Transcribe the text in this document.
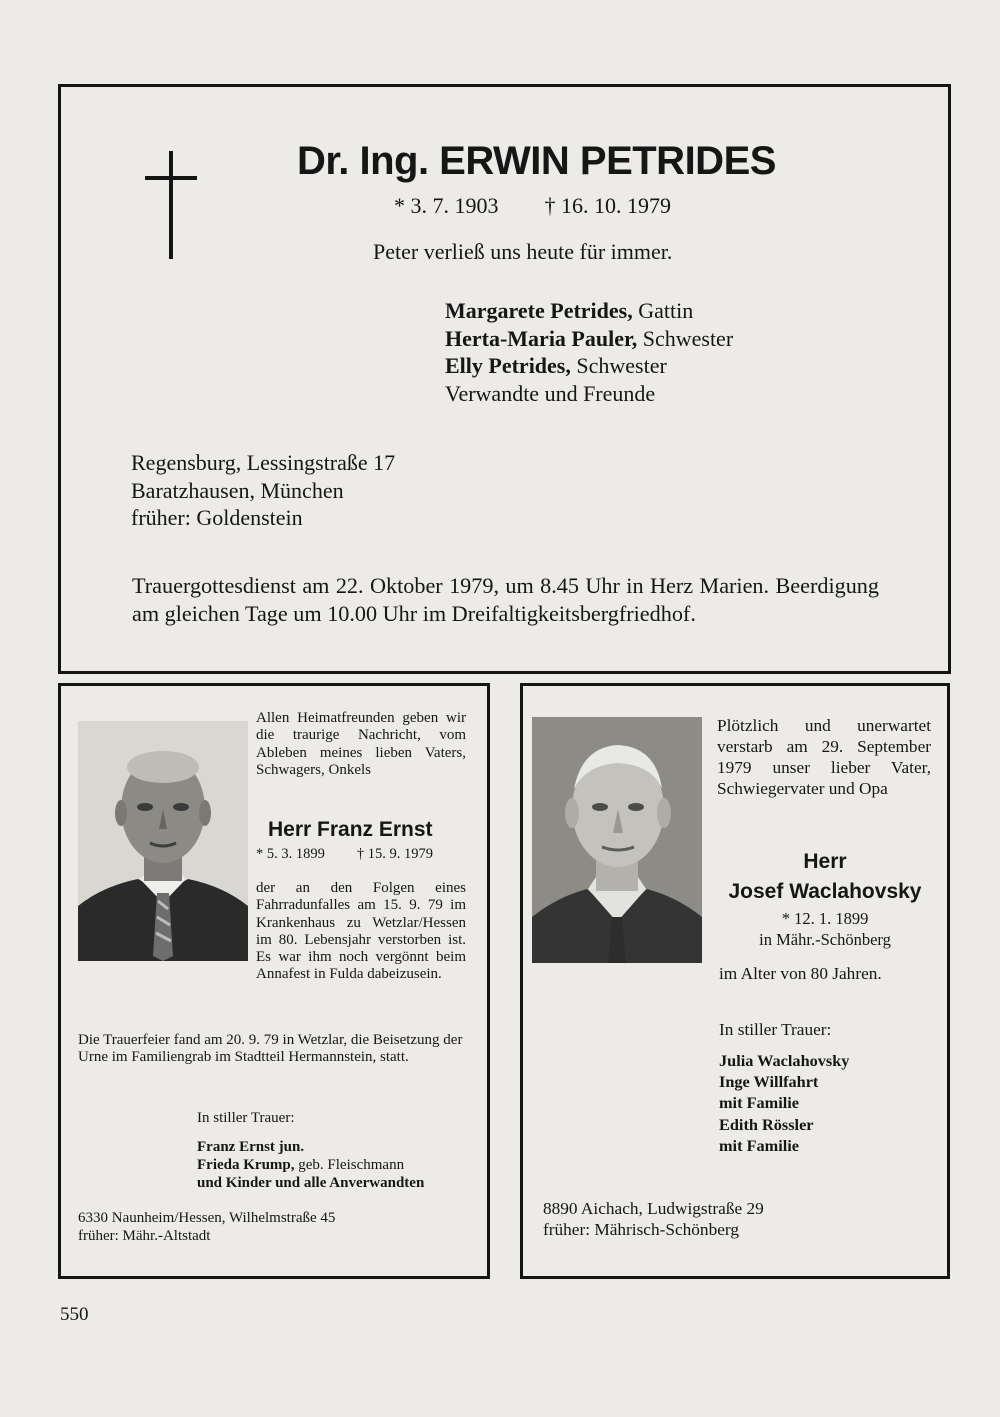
Dr. Ing. ERWIN PETRIDES
* 3. 7. 1903 † 16. 10. 1979
Peter verließ uns heute für immer.
Margarete Petrides, Gattin
Herta-Maria Pauler, Schwester
Elly Petrides, Schwester
Verwandte und Freunde
Regensburg, Lessingstraße 17
Baratzhausen, München
früher: Goldenstein
Trauergottesdienst am 22. Oktober 1979, um 8.45 Uhr in Herz Marien. Beerdigung am gleichen Tage um 10.00 Uhr im Dreifaltigkeitsbergfriedhof.
Allen Heimatfreunden geben wir die traurige Nachricht, vom Ableben meines lieben Vaters, Schwagers, Onkels
Herr Franz Ernst
* 5. 3. 1899 † 15. 9. 1979
der an den Folgen eines Fahrradunfalles am 15. 9. 79 im Krankenhaus zu Wetzlar/Hessen im 80. Lebensjahr verstorben ist. Es war ihm noch vergönnt beim Annafest in Fulda dabeizusein.
Die Trauerfeier fand am 20. 9. 79 in Wetzlar, die Beisetzung der Urne im Familiengrab im Stadtteil Hermannstein, statt.
In stiller Trauer:
Franz Ernst jun.
Frieda Krump, geb. Fleischmann
und Kinder und alle Anverwandten
6330 Naunheim/Hessen, Wilhelmstraße 45
früher: Mähr.-Altstadt
Plötzlich und unerwartet verstarb am 29. September 1979 unser lieber Vater, Schwiegervater und Opa
Herr
Josef Waclahovsky
* 12. 1. 1899
in Mähr.-Schönberg
im Alter von 80 Jahren.
In stiller Trauer:
Julia Waclahovsky
Inge Willfahrt
mit Familie
Edith Rössler
mit Familie
8890 Aichach, Ludwigstraße 29
früher: Mährisch-Schönberg
550
